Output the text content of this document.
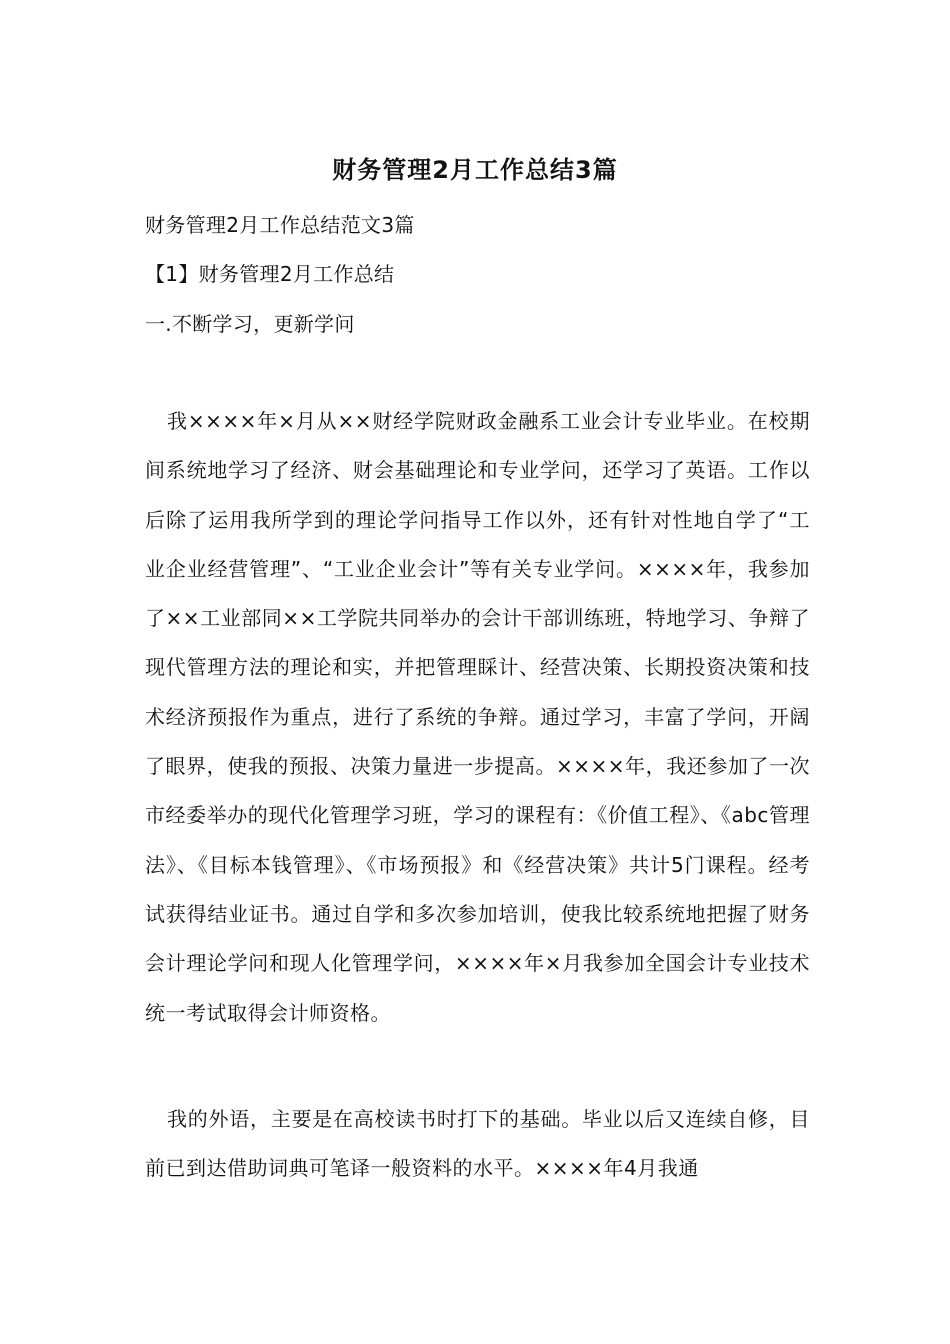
财务管理2月工作总结3篇
财务管理2月工作总结范文3篇
【1】财务管理2月工作总结
一.不断学习，更新学问
我××××年×月从××财经学院财政金融系工业会计专业毕业。在校期间系统地学习了经济、财会基础理论和专业学问，还学习了英语。工作以后除了运用我所学到的理论学问指导工作以外，还有针对性地自学了“工业企业经营管理”、“工业企业会计”等有关专业学问。××××年，我参加了××工业部同××工学院共同举办的会计干部训练班，特地学习、争辩了现代管理方法的理论和实，并把管理睬计、经营决策、长期投资决策和技术经济预报作为重点，进行了系统的争辩。通过学习，丰富了学问，开阔了眼界，使我的预报、决策力量进一步提高。××××年，我还参加了一次市经委举办的现代化管理学习班，学习的课程有：《价值工程》、《abc管理法》、《目标本钱管理》、《市场预报》和《经营决策》共计5门课程。经考试获得结业证书。通过自学和多次参加培训，使我比较系统地把握了财务会计理论学问和现人化管理学问，××××年×月我参加全国会计专业技术统一考试取得会计师资格。
我的外语，主要是在高校读书时打下的基础。毕业以后又连续自修，目前已到达借助词典可笔译一般资料的水平。××××年4月我通
